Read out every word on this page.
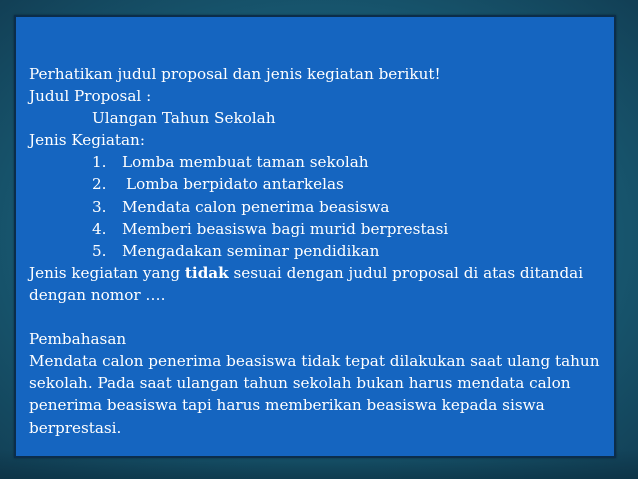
Perhatikan judul proposal dan jenis kegiatan berikut!
Judul Proposal :
Ulangan Tahun Sekolah
Jenis Kegiatan:
1.	Lomba membuat taman sekolah
2.	Lomba berpidato antarkelas
3.	Mendata calon penerima beasiswa
4.	Memberi beasiswa bagi murid berprestasi
5.	Mengadakan seminar pendidikan
Jenis kegiatan yang tidak sesuai dengan judul proposal di atas ditandai
dengan nomor ….
Pembahasan
Mendata calon penerima beasiswa tidak tepat dilakukan saat ulang tahun
sekolah. Pada saat ulangan tahun sekolah bukan harus mendata calon
penerima beasiswa tapi harus memberikan beasiswa kepada siswa
berprestasi.
